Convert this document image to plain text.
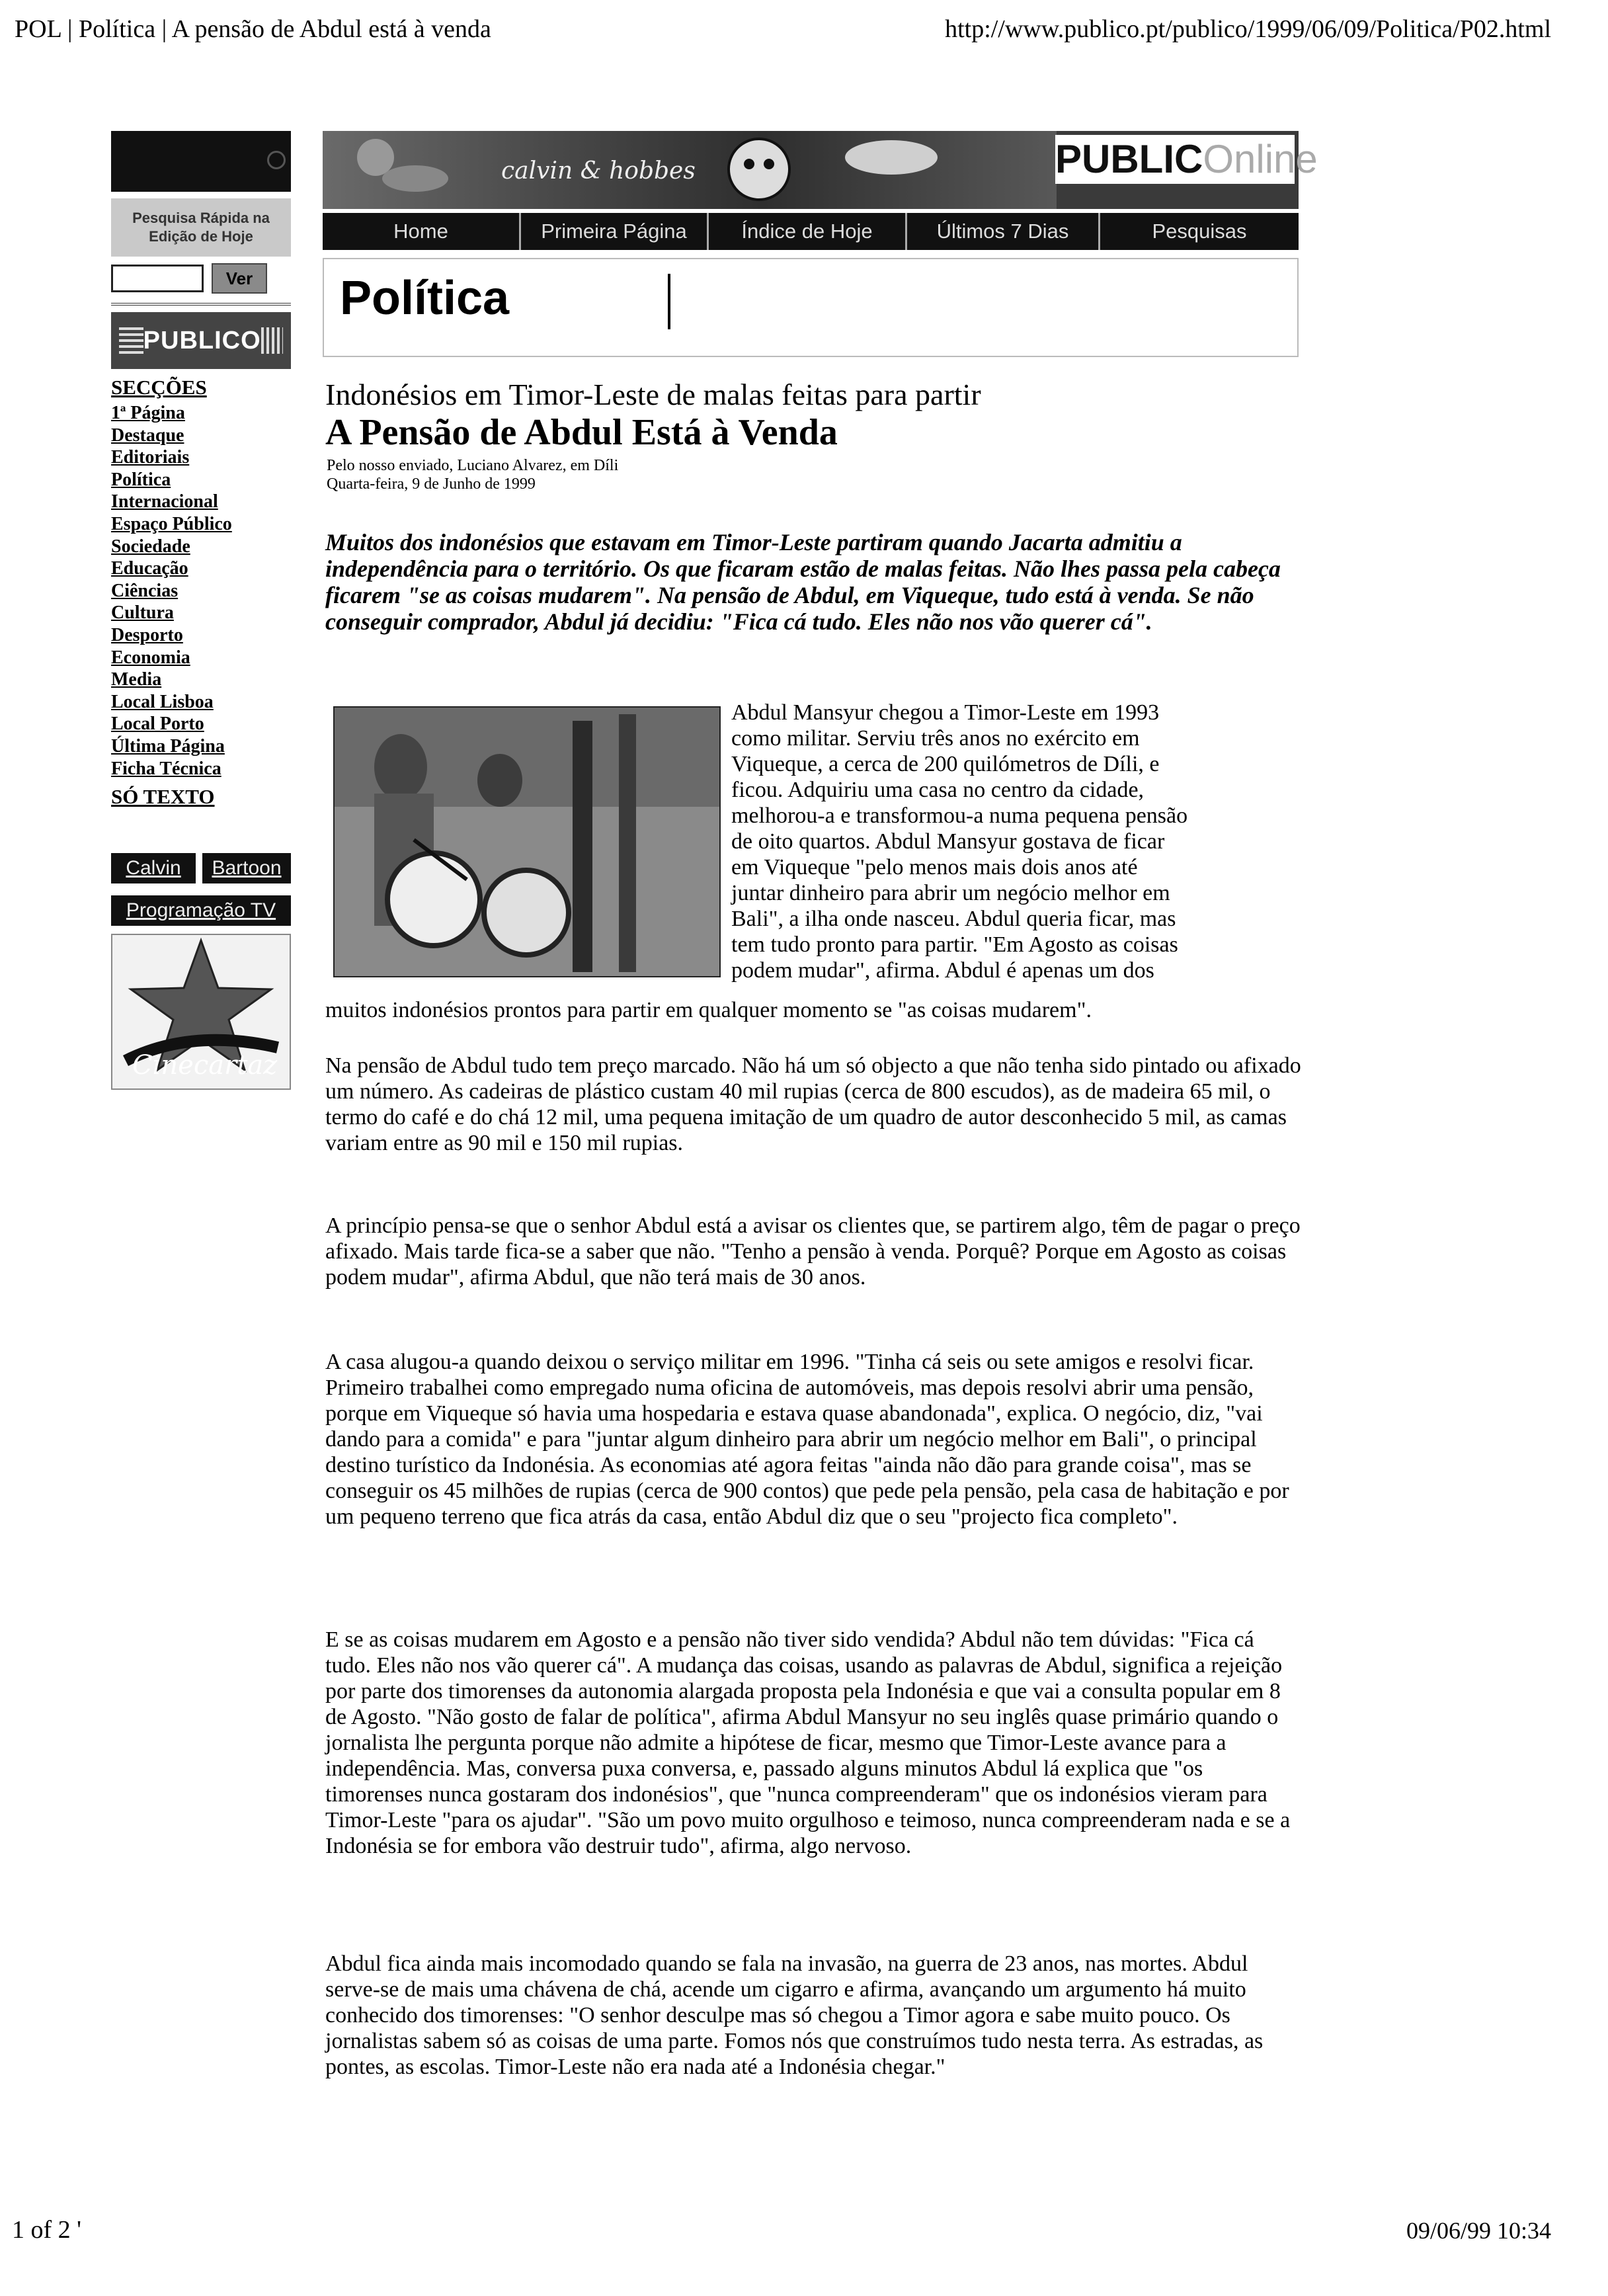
POL | Política | A pensão de Abdul está à venda	http://www.publico.pt/publico/1999/06/09/Politica/P02.html
1 of 2 '	09/06/99 10:34
Pesquisa Rápida na Edição de Hoje
Ver
PUBLICO
SECÇÕES
1ª Página
Destaque
Editoriais
Política
Internacional
Espaço Público
Sociedade
Educação
Ciências
Cultura
Desporto
Economia
Media
Local Lisboa
Local Porto
Última Página
Ficha Técnica
SÓ TEXTO
Calvin	Bartoon
Programação TV
Cinecartaz
calvin & hobbes	PUBLICOnline
Home	Primeira Página	Índice de Hoje	Últimos 7 Dias	Pesquisas
Política
Indonésios em Timor-Leste de malas feitas para partir
A Pensão de Abdul Está à Venda
Pelo nosso enviado, Luciano Alvarez, em Díli
Quarta-feira, 9 de Junho de 1999
Muitos dos indonésios que estavam em Timor-Leste partiram quando Jacarta admitiu a independência para o território. Os que ficaram estão de malas feitas. Não lhes passa pela cabeça ficarem "se as coisas mudarem". Na pensão de Abdul, em Viqueque, tudo está à venda. Se não conseguir comprador, Abdul já decidiu: "Fica cá tudo. Eles não nos vão querer cá".
Abdul Mansyur chegou a Timor-Leste em 1993
como militar. Serviu três anos no exército em
Viqueque, a cerca de 200 quilómetros de Díli, e
ficou. Adquiriu uma casa no centro da cidade,
melhorou-a e transformou-a numa pequena pensão
de oito quartos. Abdul Mansyur gostava de ficar
em Viqueque "pelo menos mais dois anos até
juntar dinheiro para abrir um negócio melhor em
Bali", a ilha onde nasceu. Abdul queria ficar, mas
tem tudo pronto para partir. "Em Agosto as coisas
podem mudar", afirma. Abdul é apenas um dos
muitos indonésios prontos para partir em qualquer momento se "as coisas mudarem".
Na pensão de Abdul tudo tem preço marcado. Não há um só objecto a que não tenha sido pintado ou afixado um número. As cadeiras de plástico custam 40 mil rupias (cerca de 800 escudos), as de madeira 65 mil, o termo do café e do chá 12 mil, uma pequena imitação de um quadro de autor desconhecido 5 mil, as camas variam entre as 90 mil e 150 mil rupias.
A princípio pensa-se que o senhor Abdul está a avisar os clientes que, se partirem algo, têm de pagar o preço afixado. Mais tarde fica-se a saber que não. "Tenho a pensão à venda. Porquê? Porque em Agosto as coisas podem mudar", afirma Abdul, que não terá mais de 30 anos.
A casa alugou-a quando deixou o serviço militar em 1996. "Tinha cá seis ou sete amigos e resolvi ficar. Primeiro trabalhei como empregado numa oficina de automóveis, mas depois resolvi abrir uma pensão, porque em Viqueque só havia uma hospedaria e estava quase abandonada", explica. O negócio, diz, "vai dando para a comida" e para "juntar algum dinheiro para abrir um negócio melhor em Bali", o principal destino turístico da Indonésia. As economias até agora feitas "ainda não dão para grande coisa", mas se conseguir os 45 milhões de rupias (cerca de 900 contos) que pede pela pensão, pela casa de habitação e por um pequeno terreno que fica atrás da casa, então Abdul diz que o seu "projecto fica completo".
E se as coisas mudarem em Agosto e a pensão não tiver sido vendida? Abdul não tem dúvidas: "Fica cá tudo. Eles não nos vão querer cá". A mudança das coisas, usando as palavras de Abdul, significa a rejeição por parte dos timorenses da autonomia alargada proposta pela Indonésia e que vai a consulta popular em 8 de Agosto. "Não gosto de falar de política", afirma Abdul Mansyur no seu inglês quase primário quando o jornalista lhe pergunta porque não admite a hipótese de ficar, mesmo que Timor-Leste avance para a independência. Mas, conversa puxa conversa, e, passado alguns minutos Abdul lá explica que "os timorenses nunca gostaram dos indonésios", que "nunca compreenderam" que os indonésios vieram para Timor-Leste "para os ajudar". "São um povo muito orgulhoso e teimoso, nunca compreenderam nada e se a Indonésia se for embora vão destruir tudo", afirma, algo nervoso.
Abdul fica ainda mais incomodado quando se fala na invasão, na guerra de 23 anos, nas mortes. Abdul serve-se de mais uma chávena de chá, acende um cigarro e afirma, avançando um argumento há muito conhecido dos timorenses: "O senhor desculpe mas só chegou a Timor agora e sabe muito pouco. Os jornalistas sabem só as coisas de uma parte. Fomos nós que construímos tudo nesta terra. As estradas, as pontes, as escolas. Timor-Leste não era nada até a Indonésia chegar."
